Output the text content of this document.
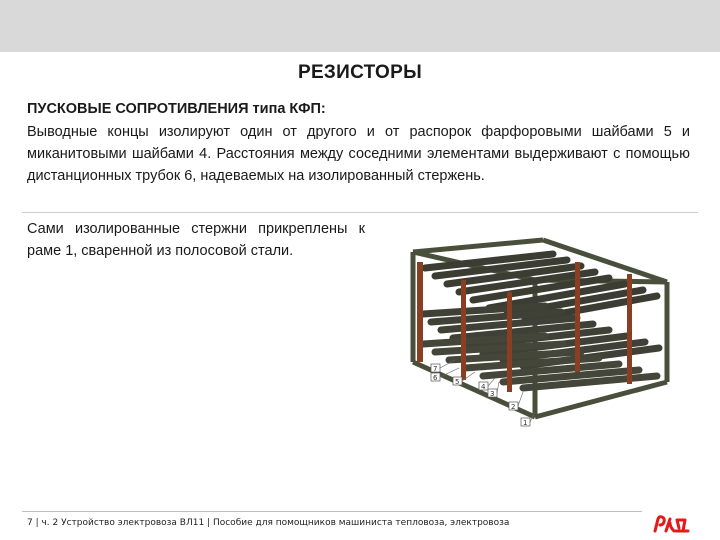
РЕЗИСТОРЫ
ПУСКОВЫЕ СОПРОТИВЛЕНИЯ типа КФП:
Выводные концы изолируют один от другого и от распорок фарфоровыми шайбами 5 и миканитовыми шайбами 4. Расстояния между соседними элементами выдерживают с помощью дистанционных трубок 6, надеваемых на изолированный стержень.
Сами изолированные стержни прикреплены к раме 1, сваренной из полосовой стали.
7
6	5
4
3
2
1
7 | ч. 2 Устройство электровоза ВЛ11 | Пособие для помощников машиниста тепловоза, электровоза
